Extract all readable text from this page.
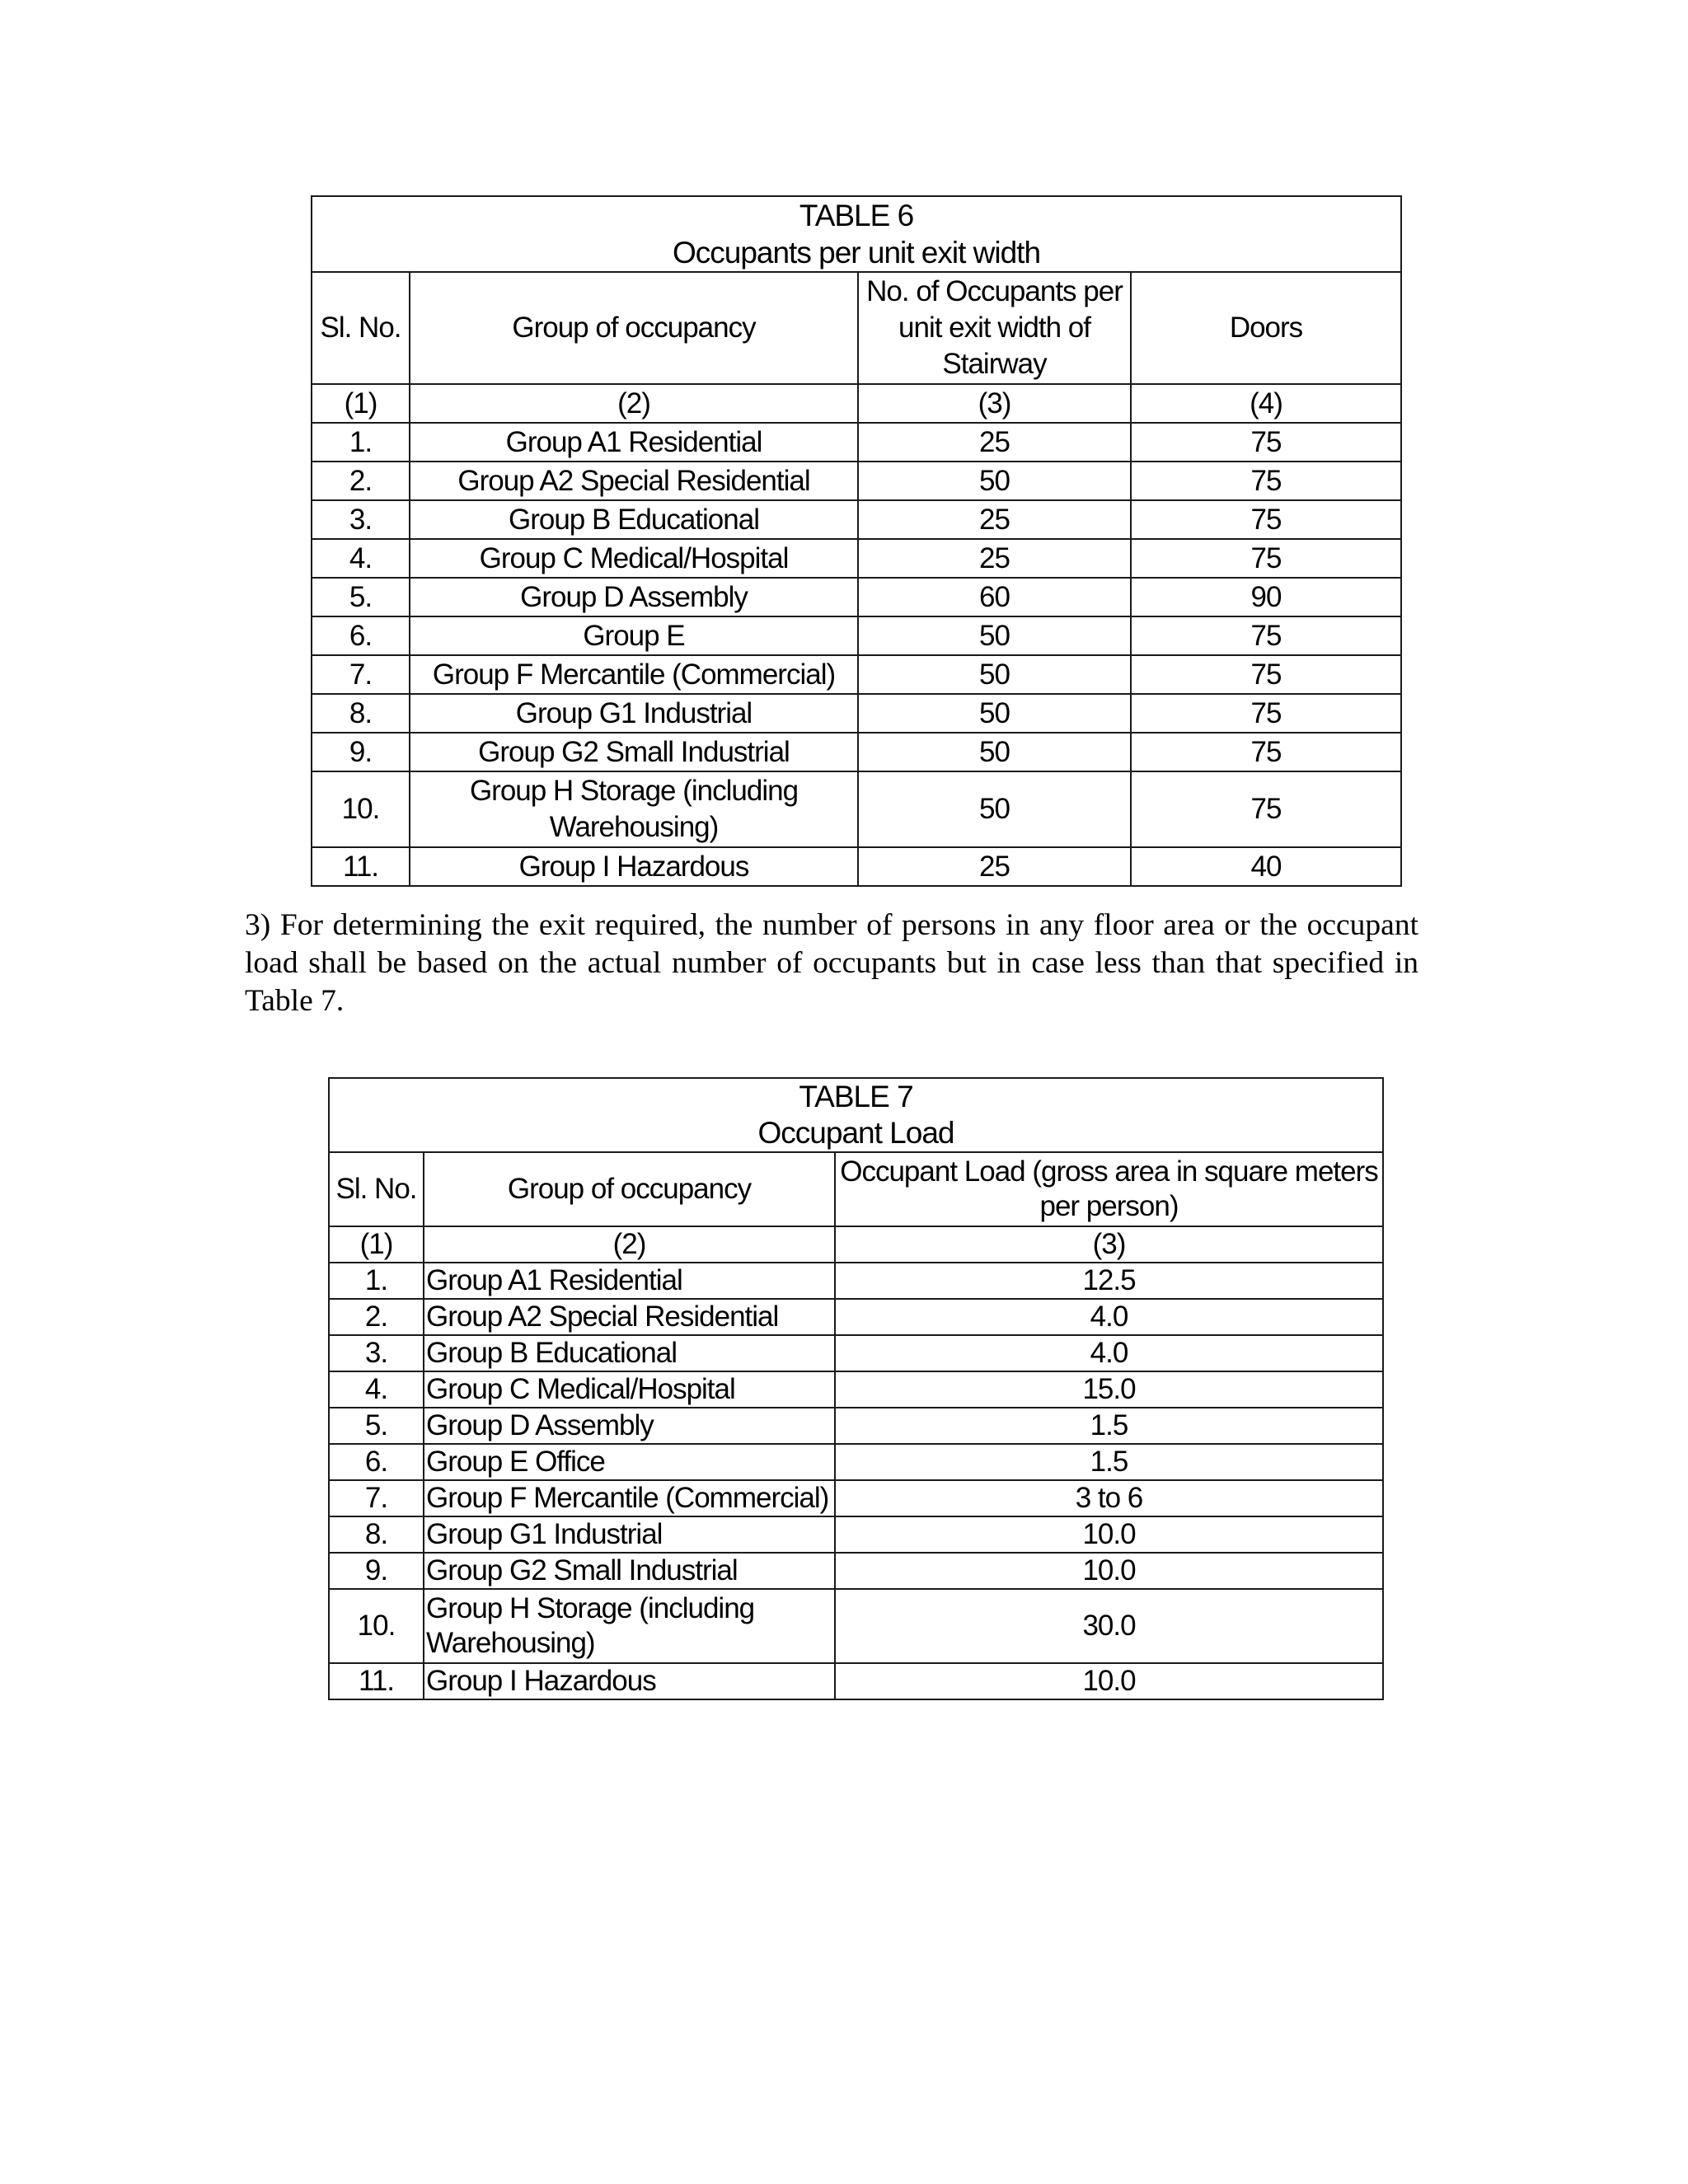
TABLE 6
Occupants per unit exit width			
Sl. No.	Group of occupancy	No. of Occupants per unit exit width of Stairway	Doors
(1)	(2)	(3)	(4)
1.	Group A1 Residential	25	75
2.	Group A2 Special Residential	50	75
3.	Group B Educational	25	75
4.	Group C Medical/Hospital	25	75
5.	Group D Assembly	60	90
6.	Group E	50	75
7.	Group F Mercantile (Commercial)	50	75
8.	Group G1 Industrial	50	75
9.	Group G2 Small Industrial	50	75
10.	Group H Storage (including Warehousing)	50	75
11.	Group I Hazardous	25	40
3) For determining the exit required, the number of persons in any floor area or the occupant load shall be based on the actual number of occupants but in case less than that specified in Table 7.
TABLE 7
Occupant Load		
Sl. No.	Group of occupancy	Occupant Load (gross area in square meters per person)
(1)	(2)	(3)
1.	Group A1 Residential	12.5
2.	Group A2 Special Residential	4.0
3.	Group B Educational	4.0
4.	Group C Medical/Hospital	15.0
5.	Group D Assembly	1.5
6.	Group E Office	1.5
7.	Group F Mercantile (Commercial)	3 to 6
8.	Group G1 Industrial	10.0
9.	Group G2 Small Industrial	10.0
10.	Group H Storage (including Warehousing)	30.0
11.	Group I Hazardous	10.0
